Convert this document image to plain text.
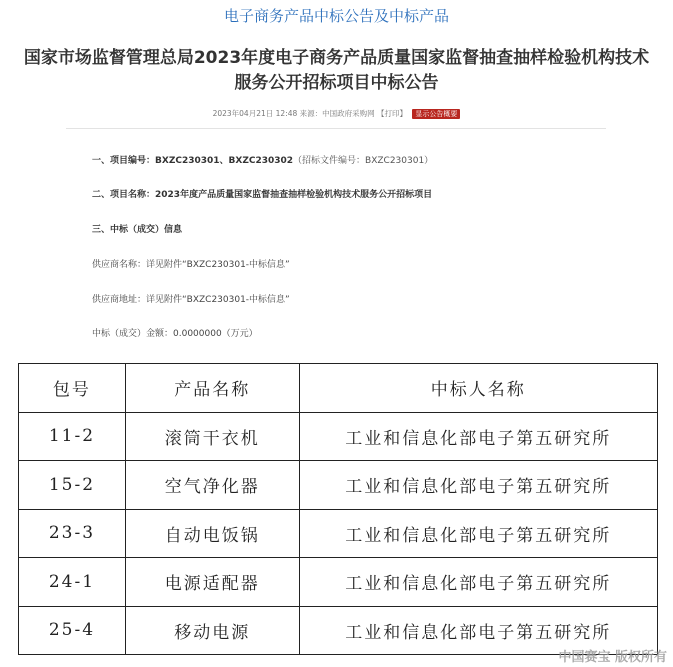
电子商务产品中标公告及中标产品
国家市场监督管理总局2023年度电子商务产品质量国家监督抽查抽样检验机构技术
服务公开招标项目中标公告
2023年04月21日 12:48 来源：中国政府采购网 【打印】 显示公告概要
一、项目编号：BXZC230301、BXZC230302（招标文件编号：BXZC230301）
二、项目名称：2023年度产品质量国家监督抽查抽样检验机构技术服务公开招标项目
三、中标（成交）信息
供应商名称：详见附件“BXZC230301-中标信息”
供应商地址：详见附件“BXZC230301-中标信息”
中标（成交）金额：0.0000000（万元）
包号	产品名称	中标人名称
11-2	滚筒干衣机	工业和信息化部电子第五研究所
15-2	空气净化器	工业和信息化部电子第五研究所
23-3	自动电饭锅	工业和信息化部电子第五研究所
24-1	电源适配器	工业和信息化部电子第五研究所
25-4	移动电源	工业和信息化部电子第五研究所
中国赛宝 版权所有
